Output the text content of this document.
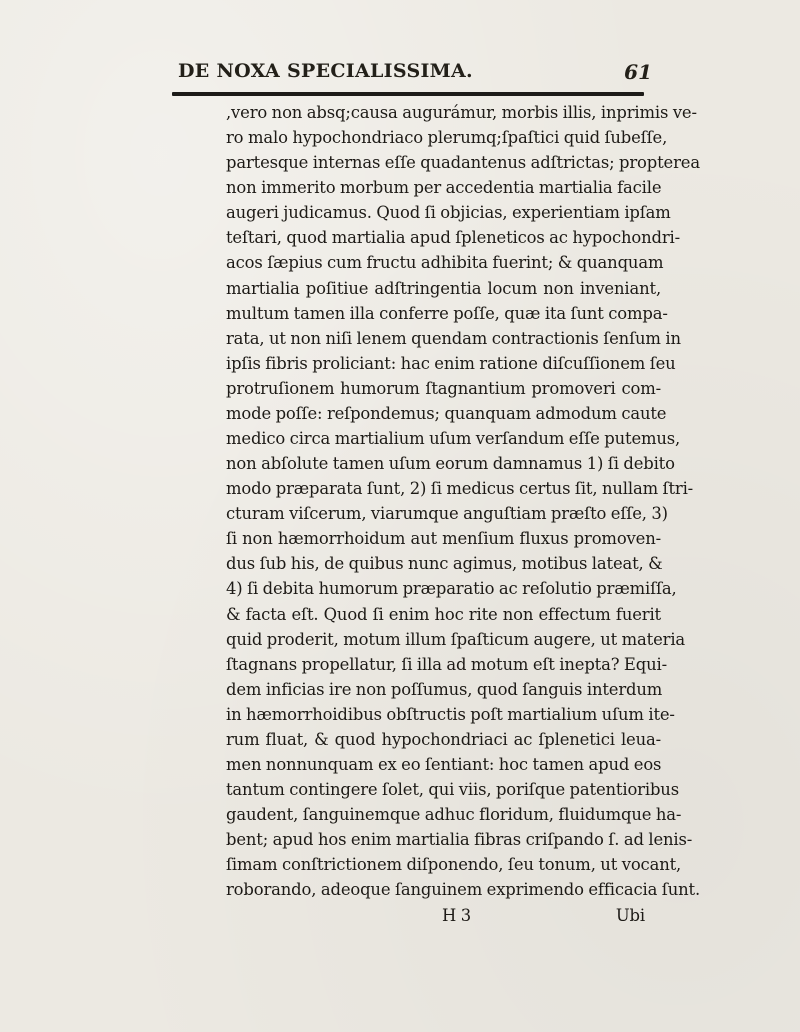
DE NOXA SPECIALISSIMA.	61
,vero non absq;causa augurámur, morbis illis, inprimis ve-
ro malo hypochondriaco plerumq;ſpaſtici quid ſubeſſe,
partesque internas eſſe quadantenus adſtrictas; propterea
non immerito morbum per accedentia martialia facile
augeri judicamus. Quod ſi objicias, experientiam ipſam
teſtari, quod martialia apud ſpleneticos ac hypochondri-
acos ſæpius cum fructu adhibita fuerint; & quanquam
martialia poſitiue adſtringentia locum non inveniant,
multum tamen illa conferre poſſe, quæ ita ſunt compa-
rata, ut non niſi lenem quendam contractionis ſenſum in
ipſis fibris proliciant: hac enim ratione diſcuſſionem ſeu
protruſionem humorum ſtagnantium promoveri com-
mode poſſe: reſpondemus; quanquam admodum caute
medico circa martialium uſum verſandum eſſe putemus,
non abſolute tamen uſum eorum damnamus 1) ſi debito
modo præparata ſunt, 2) ſi medicus certus ſit, nullam ſtri-
cturam viſcerum, viarumque anguſtiam præſto eſſe, 3)
ſi non hæmorrhoidum aut menſium fluxus promoven-
dus ſub his, de quibus nunc agimus, motibus lateat, &
4) ſi debita humorum præparatio ac reſolutio præmiſſa,
& facta eſt. Quod ſi enim hoc rite non effectum fuerit
quid proderit, motum illum ſpaſticum augere, ut materia
ſtagnans propellatur, ſi illa ad motum eſt inepta? Equi-
dem inficias ire non poſſumus, quod ſanguis interdum
in hæmorrhoidibus obſtructis poſt martialium uſum ite-
rum fluat, & quod hypochondriaci ac ſplenetici leua-
men nonnunquam ex eo ſentiant: hoc tamen apud eos
tantum contingere ſolet, qui viis, poriſque patentioribus
gaudent, ſanguinemque adhuc floridum, fluidumque ha-
bent; apud hos enim martialia fibras criſpando ſ. ad lenis-
ſimam conſtrictionem diſponendo, ſeu tonum, ut vocant,
roborando, adeoque ſanguinem exprimendo efficacia ſunt.
H 3	Ubi
